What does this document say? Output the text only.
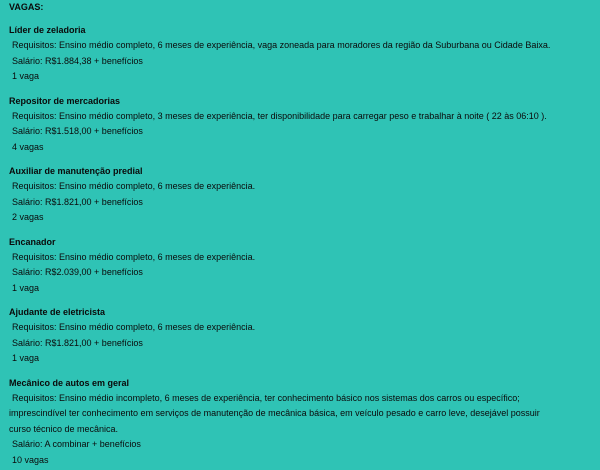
VAGAS:
Líder de zeladoria
Requisitos: Ensino médio completo, 6 meses de experiência, vaga zoneada para moradores da região da Suburbana ou Cidade Baixa.
Salário: R$1.884,38 + benefícios
1 vaga
Repositor de mercadorias
Requisitos: Ensino médio completo, 3 meses de experiência, ter disponibilidade para carregar peso e trabalhar à noite ( 22 às 06:10 ).
Salário: R$1.518,00 + benefícios
4 vagas
Auxiliar de manutenção predial
Requisitos: Ensino médio completo, 6 meses de experiência.
Salário: R$1.821,00 + benefícios
2 vagas
Encanador
Requisitos: Ensino médio completo, 6 meses de experiência.
Salário: R$2.039,00 + benefícios
1 vaga
Ajudante de eletricista
Requisitos: Ensino médio completo, 6 meses de experiência.
Salário: R$1.821,00 + benefícios
1 vaga
Mecânico de autos em geral
Requisitos: Ensino médio incompleto, 6 meses de experiência, ter conhecimento básico nos sistemas dos carros ou específico;
imprescindível ter conhecimento em serviços de manutenção de mecânica básica, em veículo pesado e carro leve, desejável possuir
curso técnico de mecânica.
Salário: A combinar + benefícios
10 vagas
